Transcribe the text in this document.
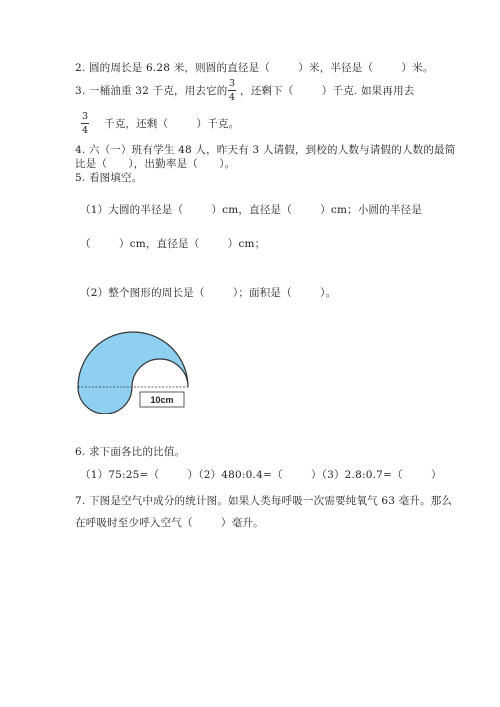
2. 圆的周长是 6.28 米，则圆的直径是（        ）米，半径是（        ）米。
3. 一桶油重 32 千克，用去它的
3
4
，还剩下（        ）千克. 如果再用去
3
4
千克，还剩（        ）千克。
4. 六（一）班有学生 48 人，昨天有 3 人请假，到校的人数与请假的人数的最简
比是（      ），出勤率是（      ）。
5. 看图填空。
（1）大圆的半径是（        ）cm，直径是（        ）cm；小圆的半径是
（        ）cm，直径是（        ）cm；
（2）整个图形的周长是（        ）；面积是（        ）。
10cm
6. 求下面各比的比值。
（1）75:25=（        ）（2）480:0.4=（        ）（3）2.8:0.7=（        ）
7. 下图是空气中成分的统计图。如果人类每呼吸一次需要纯氧气 63 毫升。那么
在呼吸时至少呼入空气（        ）毫升。
